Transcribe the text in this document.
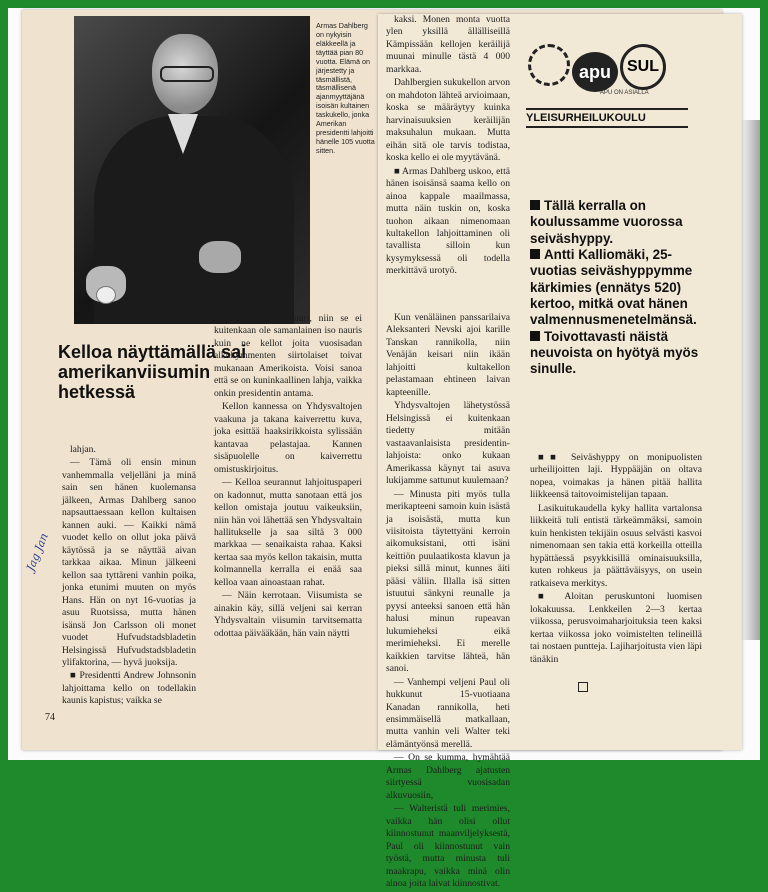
Armas Dahlberg on nykyisin eläkkeellä ja täyttää pian 80 vuotta. Elämä on järjestetty ja täsmällistä, täsmällisenä ajanmyyttäjänä isoisän kultainen taskukello, jonka Amerikan presidentti lahjoitti hänelle 105 vuotta sitten.
Kelloa näyttämällä sai amerikanviisumin hetkessä

lahjan.

— Tämä oli ensin minun vanhemmalla veljelläni ja minä sain sen hänen kuolemansa jälkeen, Armas Dahlberg sanoo napsauttaessaan kellon kultaisen kannen auki. — Kaikki nämä vuodet kello on ollut joka päivä käytössä ja se näyttää aivan tarkkaa aikaa. Minun jälkeeni kellon saa tyttäreni vanhin poika, jonka etunimi muuten on myös Hans. Hän on nyt 16-vuotias ja asuu Ruotsissa, mutta hänen isänsä Jon Carlsson oli monet vuodet Hufvudstadsbladetin Helsingissä Hufvudstadsbladetin ylifaktorina, — hyvä juoksija.

■ Presidentti Andrew Johnsonin lahjoittama kello on todellakin kaunis kapistus; vaikka se

on suhteellisen suuri, niin se ei kuitenkaan ole samanlainen iso nauris kuin ne kellot joita vuosisadan alkukymmenten siirtolaiset toivat mukanaan Amerikoista. Voisi sanoa että se on kuninkaallinen lahja, vaikka onkin presidentin antama.

Kellon kannessa on Yhdysvaltojen vaakuna ja takana kaiverrettu kuva, joka esittää haaksirikkoista sylissään kantavaa pelastajaa. Kannen sisäpuolelle on kaiverrettu omistuskirjoitus.

— Kelloa seurannut lahjoituspaperi on kadonnut, mutta sanotaan että jos kellon omistaja joutuu vaikeuksiin, niin hän voi lähettää sen Yhdysvaltain hallitukselle ja saa siltä 3 000 markkaa — senaikaista rahaa. Kaksi kertaa saa myös kellon takaisin, mutta kolmannella kerralla ei enää saa kelloa vaan ainoastaan rahat.

— Näin kerrotaan. Viisumista se ainakin käy, sillä veljeni sai kerran Yhdysvaltain viisumin tarvitsematta odottaa päivääkään, hän vain näytti

kaksi. Monen monta vuotta ylen yksillä ällälliseillä Kämpissään kellojen keräilijä muunai minulle tästä 4 000 markkaa.

Dahlbergien sukukellon arvon on mahdoton lähteä arvioimaan, koska se määräytyy kuinka harvinaisuuksien keräilijän maksuhalun mukaan. Mutta eihän sitä ole tarvis todistaa, koska kello ei ole myytävänä.

■ Armas Dahlberg uskoo, että hänen isoisänsä saama kello on ainoa kappale maailmassa, mutta näin tuskin on, koska tuohon aikaan nimenomaan kultakellon lahjoittaminen oli tavallista silloin kun kysymyksessä oli todella merkittävä urotyö.

Kun venäläinen panssarilaiva Aleksanteri Nevski ajoi karille Tanskan rannikolla, niin Venäjän keisari niin ikään lahjoitti kultakellon pelastamaan ehtineen laivan kapteenille.

Yhdysvaltojen lähetystössä Helsingissä ei kuitenkaan tiedetty mitään vastaavanlaisista presidentin-lahjoista: onko kukaan Amerikassa käynyt tai asuva lukijamme sattunut kuulemaan?

— Minusta piti myös tulla merikapteeni samoin kuin isästä ja isoisästä, mutta kun viisitoista täytettyäni kerroin aikomuksistani, otti isäni keittiön puulaatikosta klavun ja pieksi sillä minut, kunnes äiti pääsi väliin. Illalla isä sitten istuutui sänkyni reunalle ja pyysi anteeksi sanoen että hän halusi minun rupeavan lukumieheksi eikä merimieheksi. Ei merelle kaikkien tarvitse lähteä, hän sanoi.

— Vanhempi veljeni Paul oli hukkunut 15-vuotiaana Kanadan rannikolla, heti ensimmäisellä matkallaan, mutta vanhin veli Walter teki elämäntyönsä merellä.

— On se kumma, hymähtää Armas Dahlberg ajatusten siirtyessä vuosisadan alkuvuosiin,

— Walteristä tuli merimies, vaikka hän olisi ollut kiinnostunut maanviljelyksestä, Paul oli kiinnostunut vain työstä, mutta minusta tuli maakrapu, vaikka minä olin ainoa joita laivat kiinnostivat.

apu	SUL
APU ON ASIALLA
YLEISURHEILUKOULU
Tällä kerralla on koulussamme vuorossa seiväshyppy.
Antti Kalliomäki, 25-vuotias seiväshyppymme kärkimies (ennätys 520) kertoo, mitkä ovat hänen valmennusmenetelmänsä.
Toivottavasti näistä neuvoista on hyötyä myös sinulle.

■■ Seiväshyppy on monipuolisten urheilijoitten laji. Hyppääjän on oltava nopea, voimakas ja hänen pitää hallita liikkeensä taitovoimistelijan tapaan.

Lasikuitukaudella kyky hallita vartalonsa liikkeitä tuli entistä tärkeämmäksi, samoin kuin henkisten tekijäin osuus selvästi kasvoi nimenomaan sen takia että korkeilla otteilla hypättäessä psyykkisillä ominaisuuksilla, kuten rohkeus ja päättäväisyys, on usein ratkaiseva merkitys.

■ Aloitan peruskuntoni luomisen lokakuussa. Lenkkeilen 2—3 kertaa viikossa, perusvoimaharjoituksia teen kaksi kertaa viikossa joko voimistelten telineillä tai nostaen puntteja. Lajiharjoitusta vien läpi tänäkin

74
Jag Jan
